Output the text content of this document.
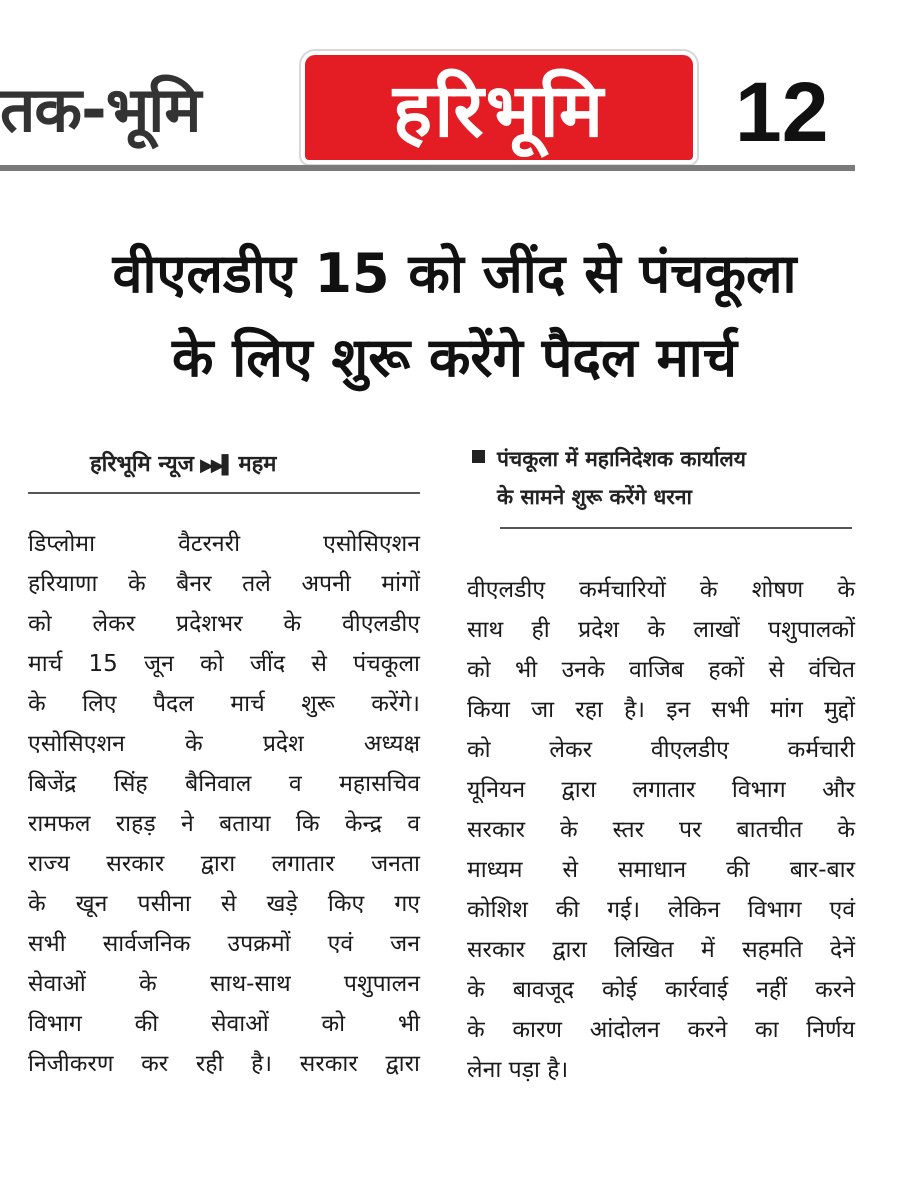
तक-भूमि	हरिभूमि	12
वीएलडीए 15 को जींद से पंचकूला
के लिए शुरू करेंगे पैदल मार्च
हरिभूमि न्यूज ▶▶▌ महम	पंचकूला में महानिदेशक कार्यालय
के सामने शुरू करेंगे धरना
डिप्लोमा वैटरनरी एसोसिएशन
हरियाणा के बैनर तले अपनी मांगों
को लेकर प्रदेशभर के वीएलडीए
मार्च 15 जून को जींद से पंचकूला
के लिए पैदल मार्च शुरू करेंगे।
एसोसिएशन के प्रदेश अध्यक्ष
बिजेंद्र सिंह बैनिवाल व महासचिव
रामफल राहड़ ने बताया कि केन्द्र व
राज्य सरकार द्वारा लगातार जनता
के खून पसीना से खड़े किए गए
सभी सार्वजनिक उपक्रमों एवं जन
सेवाओं के साथ-साथ पशुपालन
विभाग की सेवाओं को भी
निजीकरण कर रही है। सरकार द्वारा
वीएलडीए कर्मचारियों के शोषण के
साथ ही प्रदेश के लाखों पशुपालकों
को भी उनके वाजिब हकों से वंचित
किया जा रहा है। इन सभी मांग मुद्दों
को लेकर वीएलडीए कर्मचारी
यूनियन द्वारा लगातार विभाग और
सरकार के स्तर पर बातचीत के
माध्यम से समाधान की बार-बार
कोशिश की गई। लेकिन विभाग एवं
सरकार द्वारा लिखित में सहमति देनें
के बावजूद कोई कार्रवाई नहीं करने
के कारण आंदोलन करने का निर्णय
लेना पड़ा है।
